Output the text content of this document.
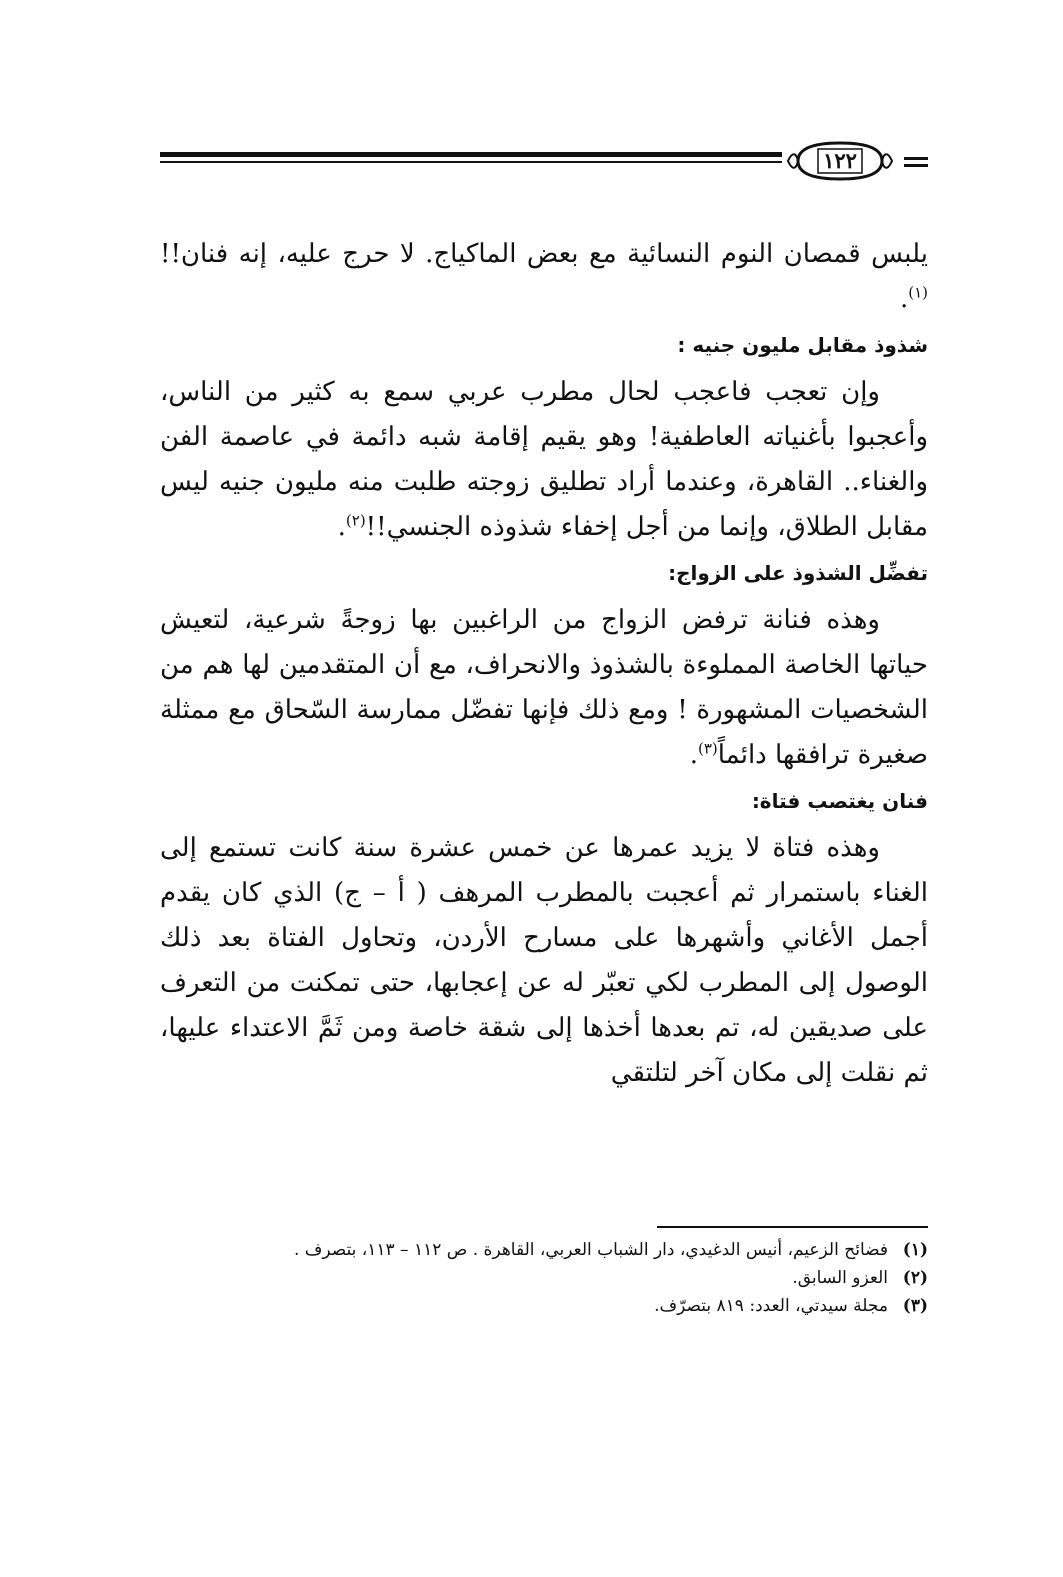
١٢٢

يلبس قمصان النوم النسائية مع بعض الماكياج. لا حرج عليه، إنه فنان!!$^{(١)}$.

شذوذ مقابل مليون جنيه :

وإن تعجب فاعجب لحال مطرب عربي سمع به كثير من الناس، وأعجبوا بأغنياته العاطفية! وهو يقيم إقامة شبه دائمة في عاصمة الفن والغناء.. القاهرة، وعندما أراد تطليق زوجته طلبت منه مليون جنيه ليس مقابل الطلاق، وإنما من أجل إخفاء شذوذه الجنسي!!$^{(٢)}$.

تفضِّل الشذوذ على الزواج:

وهذه فنانة ترفض الزواج من الراغبين بها زوجةً شرعية، لتعيش حياتها الخاصة المملوءة بالشذوذ والانحراف، مع أن المتقدمين لها هم من الشخصيات المشهورة ! ومع ذلك فإنها تفضّل ممارسة السّحاق مع ممثلة صغيرة ترافقها دائماً$^{(٣)}$.

فنان يغتصب فتاة:

وهذه فتاة لا يزيد عمرها عن خمس عشرة سنة كانت تستمع إلى الغناء باستمرار ثم أعجبت بالمطرب المرهف ( أ – ج) الذي كان يقدم أجمل الأغاني وأشهرها على مسارح الأردن، وتحاول الفتاة بعد ذلك الوصول إلى المطرب لكي تعبّر له عن إعجابها، حتى تمكنت من التعرف على صديقين له، تم بعدها أخذها إلى شقة خاصة ومن ثَمَّ الاعتداء عليها، ثم نقلت إلى مكان آخر لتلتقي

(١)
فضائح الزعيم، أنيس الدغيدي، دار الشباب العربي، القاهرة . ص ١١٢ – ١١٣، بتصرف .

(٢)
العزو السابق.

(٣)
مجلة سيدتي، العدد: ٨١٩ بتصرّف.
